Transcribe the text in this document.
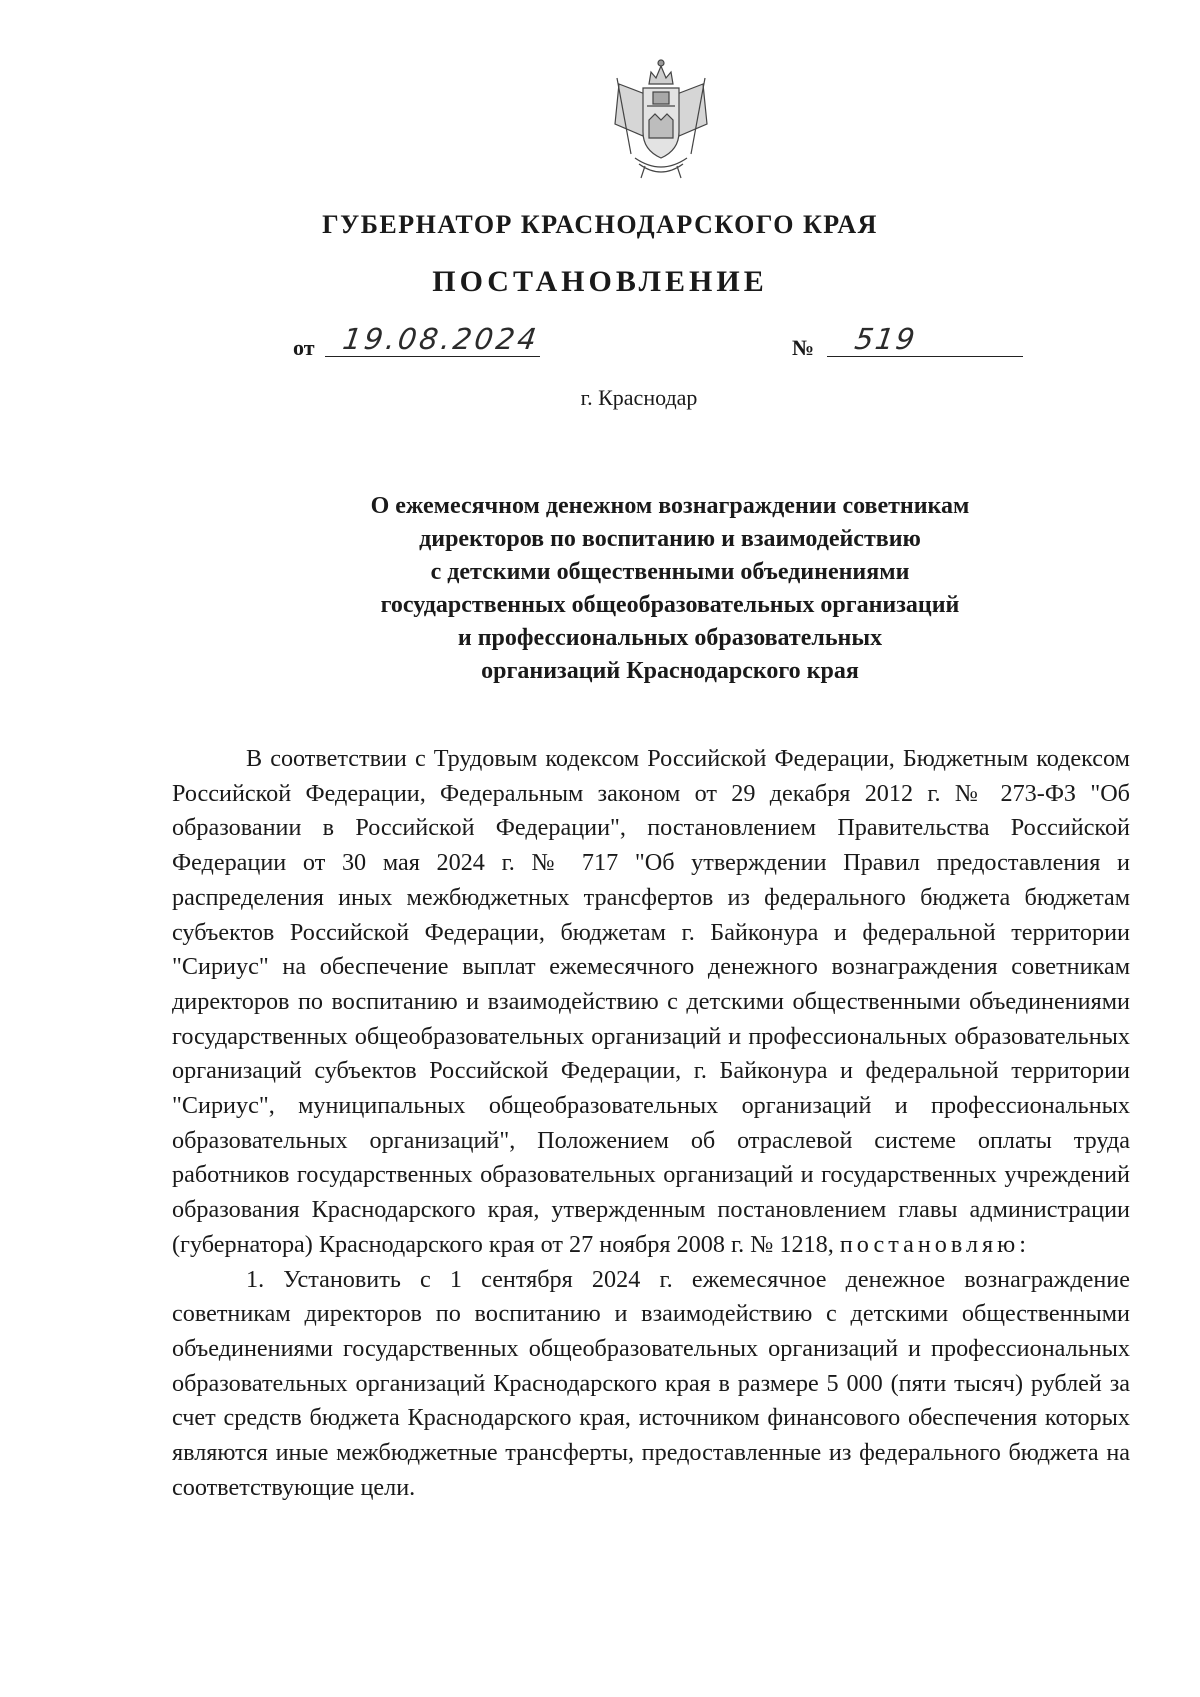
ГУБЕРНАТОР КРАСНОДАРСКОГО КРАЯ
ПОСТАНОВЛЕНИЕ
от 19.08.2024	№ 519
г. Краснодар
О ежемесячном денежном вознаграждении советникам
директоров по воспитанию и взаимодействию
с детскими общественными объединениями
государственных общеобразовательных организаций
и профессиональных образовательных
организаций Краснодарского края

В соответствии с Трудовым кодексом Российской Федерации, Бюджетным кодексом Российской Федерации, Федеральным законом от 29 декабря 2012 г. № 273-ФЗ "Об образовании в Российской Федерации", постановлением Правительства Российской Федерации от 30 мая 2024 г. № 717 "Об утверждении Правил предоставления и распределения иных межбюджетных трансфертов из федерального бюджета бюджетам субъектов Российской Федерации, бюджетам г. Байконура и федеральной территории "Сириус" на обеспечение выплат ежемесячного денежного вознаграждения советникам директоров по воспитанию и взаимодействию с детскими общественными объединениями государственных общеобразовательных организаций и профессиональных образовательных организаций субъектов Российской Федерации, г. Байконура и федеральной территории "Сириус", муниципальных общеобразовательных организаций и профессиональных образовательных организаций", Положением об отраслевой системе оплаты труда работников государственных образовательных организаций и государственных учреждений образования Краснодарского края, утвержденным постановлением главы администрации (губернатора) Краснодарского края от 27 ноября 2008 г. № 1218, постановляю:

1. Установить с 1 сентября 2024 г. ежемесячное денежное вознаграждение советникам директоров по воспитанию и взаимодействию с детскими общественными объединениями государственных общеобразовательных организаций и профессиональных образовательных организаций Краснодарского края в размере 5 000 (пяти тысяч) рублей за счет средств бюджета Краснодарского края, источником финансового обеспечения которых являются иные межбюджетные трансферты, предоставленные из федерального бюджета на соответствующие цели.
